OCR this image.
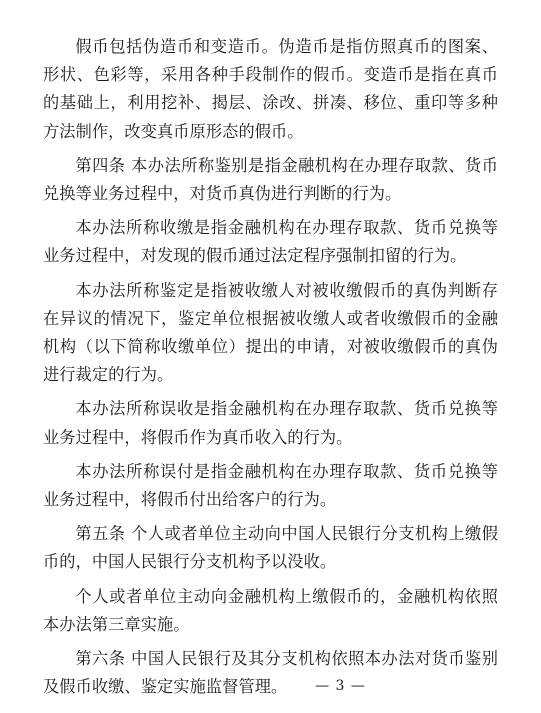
假币包括伪造币和变造币。伪造币是指仿照真币的图案、形状、色彩等，采用各种手段制作的假币。变造币是指在真币的基础上，利用挖补、揭层、涂改、拼凑、移位、重印等多种方法制作，改变真币原形态的假币。

第四条 本办法所称鉴别是指金融机构在办理存取款、货币兑换等业务过程中，对货币真伪进行判断的行为。

本办法所称收缴是指金融机构在办理存取款、货币兑换等业务过程中，对发现的假币通过法定程序强制扣留的行为。

本办法所称鉴定是指被收缴人对被收缴假币的真伪判断存在异议的情况下，鉴定单位根据被收缴人或者收缴假币的金融机构（以下简称收缴单位）提出的申请，对被收缴假币的真伪进行裁定的行为。

本办法所称误收是指金融机构在办理存取款、货币兑换等业务过程中，将假币作为真币收入的行为。

本办法所称误付是指金融机构在办理存取款、货币兑换等业务过程中，将假币付出给客户的行为。

第五条 个人或者单位主动向中国人民银行分支机构上缴假币的，中国人民银行分支机构予以没收。

个人或者单位主动向金融机构上缴假币的，金融机构依照本办法第三章实施。

第六条 中国人民银行及其分支机构依照本办法对货币鉴别及假币收缴、鉴定实施监督管理。	— 3 —
